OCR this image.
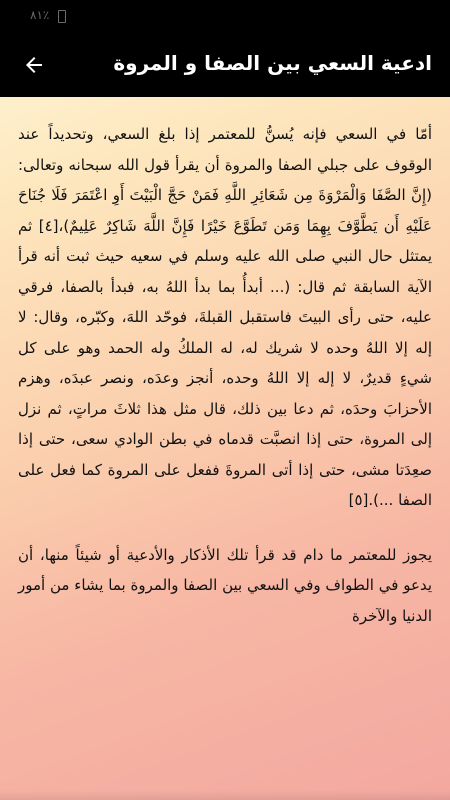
٨١٪
ادعية السعي بين الصفا و المروة

أمّا في السعي فإنه يُسنُّ للمعتمر إذا بلغ السعي، وتحديداً عند الوقوف على جبلي الصفا والمروة أن يقرأ قول الله سبحانه وتعالى: (إِنَّ الصَّفَا وَالْمَرْوَةَ مِن شَعَائِرِ اللَّهِ فَمَنْ حَجَّ الْبَيْتَ أَوِ اعْتَمَرَ فَلَا جُنَاحَ عَلَيْهِ أَن يَطَّوَّفَ بِهِمَا وَمَن تَطَوَّعَ خَيْرًا فَإِنَّ اللَّهَ شَاكِرٌ عَلِيمٌ)،[٤] ثم يمتثل حال النبي صلى الله عليه وسلم في سعيه حيث ثبت أنه قرأ الآية السابقة ثم قال: (... أبدأُ بما بدأ اللهُ به، فبدأ بالصفا، فرقي عليه، حتى رأى البيتَ فاستقبل القبلةَ، فوحّد اللهَ، وكبّره، وقال: لا إله إلا اللهُ وحده لا شريك له، له الملكُ وله الحمد وهو على كل شيءٍ قديرٌ، لا إله إلا اللهُ وحده، أنجز وعدَه، ونصر عبدَه، وهزم الأحزابَ وحدَه، ثم دعا بين ذلك، قال مثل هذا ثلاثَ مراتٍ، ثم نزل إلى المروة، حتى إذا انصبَّت قدماه في بطن الوادي سعى، حتى إذا صعِدَتا مشى، حتى إذا أتى المروةَ ففعل على المروة كما فعل على الصفا ...).[٥]

يجوز للمعتمر ما دام قد قرأ تلك الأذكار والأدعية أو شيئاً منها، أن يدعو في الطواف وفي السعي بين الصفا والمروة بما يشاء من أمور الدنيا والآخرة
